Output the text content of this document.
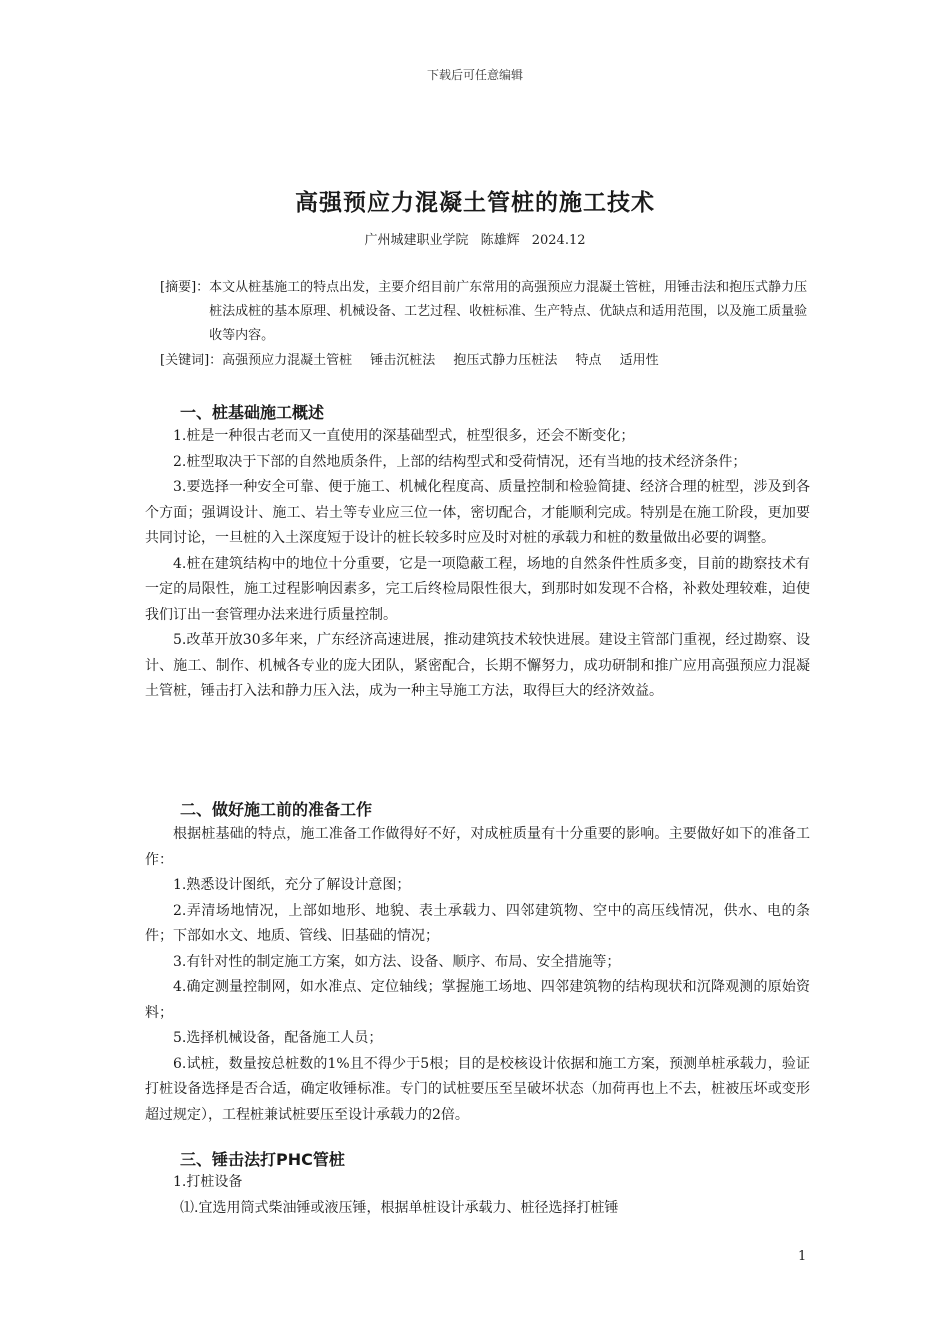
下载后可任意编辑
高强预应力混凝土管桩的施工技术
广州城建职业学院 陈雄辉 2024.12
[摘要]： 本文从桩基施工的特点出发，主要介绍目前广东常用的高强预应力混凝土管桩，用锤击法和抱压式静力压桩法成桩的基本原理、机械设备、工艺过程、收桩标准、生产特点、优缺点和适用范围，以及施工质量验收等内容。
[关键词]：高强预应力混凝土管桩 锤击沉桩法 抱压式静力压桩法 特点 适用性
一、桩基础施工概述

1.桩是一种很古老而又一直使用的深基础型式，桩型很多，还会不断变化；

2.桩型取决于下部的自然地质条件，上部的结构型式和受荷情况，还有当地的技术经济条件；

3.要选择一种安全可靠、便于施工、机械化程度高、质量控制和检验简捷、经济合理的桩型，涉及到各个方面；强调设计、施工、岩土等专业应三位一体，密切配合，才能顺利完成。特别是在施工阶段，更加要共同讨论，一旦桩的入土深度短于设计的桩长较多时应及时对桩的承载力和桩的数量做出必要的调整。

4.桩在建筑结构中的地位十分重要，它是一项隐蔽工程，场地的自然条件性质多变，目前的勘察技术有一定的局限性，施工过程影响因素多，完工后终检局限性很大，到那时如发现不合格，补救处理较难，迫使我们订出一套管理办法来进行质量控制。

5.改革开放30多年来，广东经济高速进展，推动建筑技术较快进展。建设主管部门重视，经过勘察、设计、施工、制作、机械各专业的庞大团队，紧密配合，长期不懈努力，成功研制和推广应用高强预应力混凝土管桩，锤击打入法和静力压入法，成为一种主导施工方法，取得巨大的经济效益。

二、做好施工前的准备工作

根据桩基础的特点，施工准备工作做得好不好，对成桩质量有十分重要的影响。主要做好如下的准备工作：

1.熟悉设计图纸，充分了解设计意图；

2.弄清场地情况，上部如地形、地貌、表土承载力、四邻建筑物、空中的高压线情况，供水、电的条件；下部如水文、地质、管线、旧基础的情况；

3.有针对性的制定施工方案，如方法、设备、顺序、布局、安全措施等；

4.确定测量控制网，如水准点、定位轴线；掌握施工场地、四邻建筑物的结构现状和沉降观测的原始资料；

5.选择机械设备，配备施工人员；

6.试桩，数量按总桩数的1%且不得少于5根；目的是校核设计依据和施工方案，预测单桩承载力，验证打桩设备选择是否合适，确定收锤标准。专门的试桩要压至呈破坏状态（加荷再也上不去，桩被压坏或变形超过规定），工程桩兼试桩要压至设计承载力的2倍。

三、锤击法打PHC管桩

1.打桩设备

⑴.宜选用筒式柴油锤或液压锤，根据单桩设计承载力、桩径选择打桩锤

1
